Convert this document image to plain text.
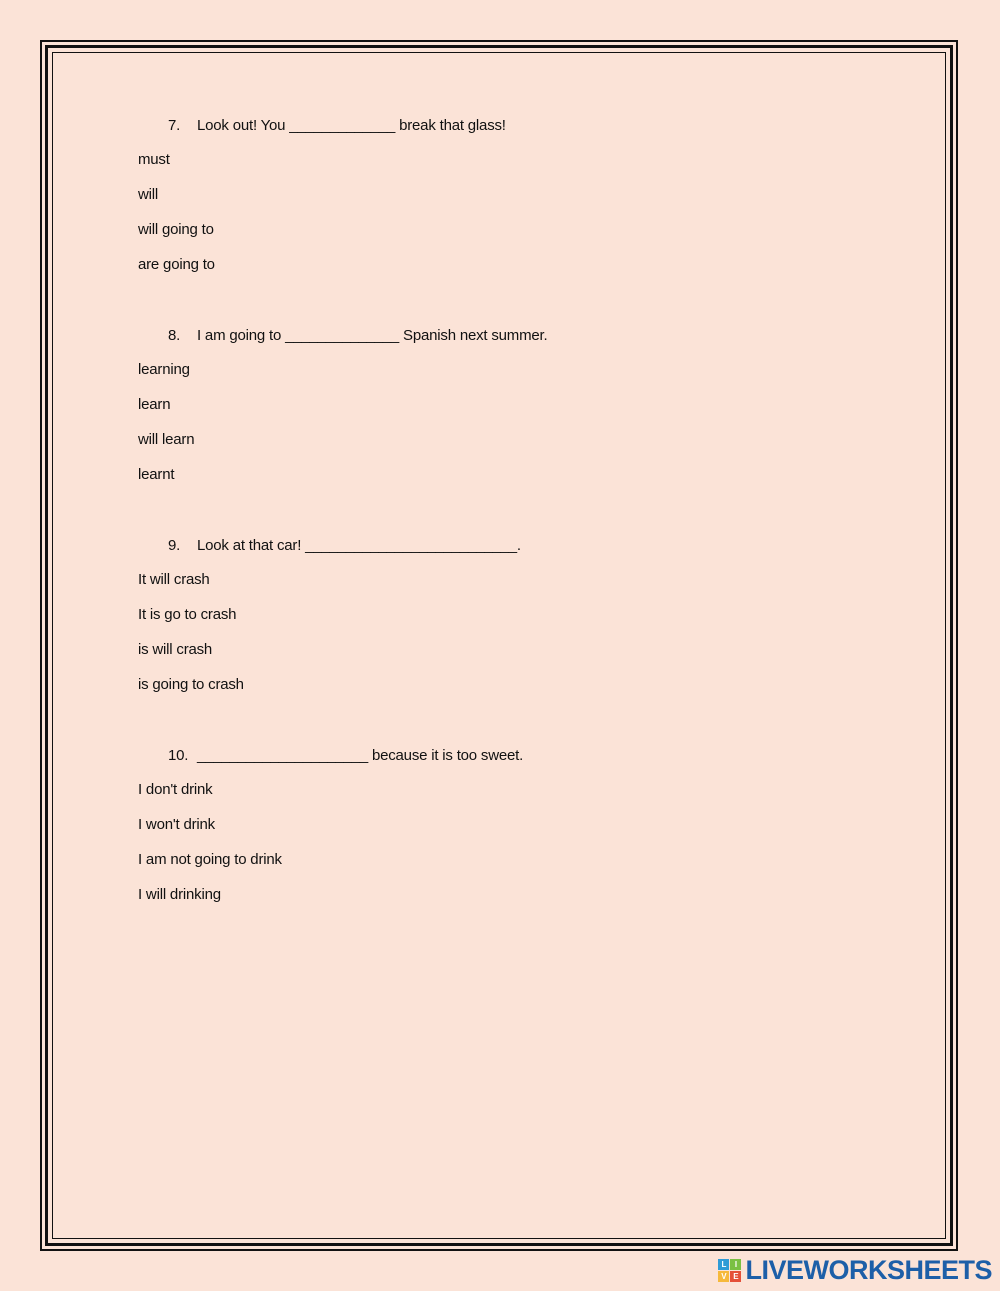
7. Look out! You _____________ break that glass!
must
will
will going to
are going to
8. I am going to ______________ Spanish next summer.
learning
learn
will learn
learnt
9. Look at that car! __________________________.
It will crash
It is go to crash
is will crash
is going to crash
10. _____________________ because it is too sweet.
I don't drink
I won't drink
I am not going to drink
I will drinking
L	I
V E LIVEWORKSHEETS
